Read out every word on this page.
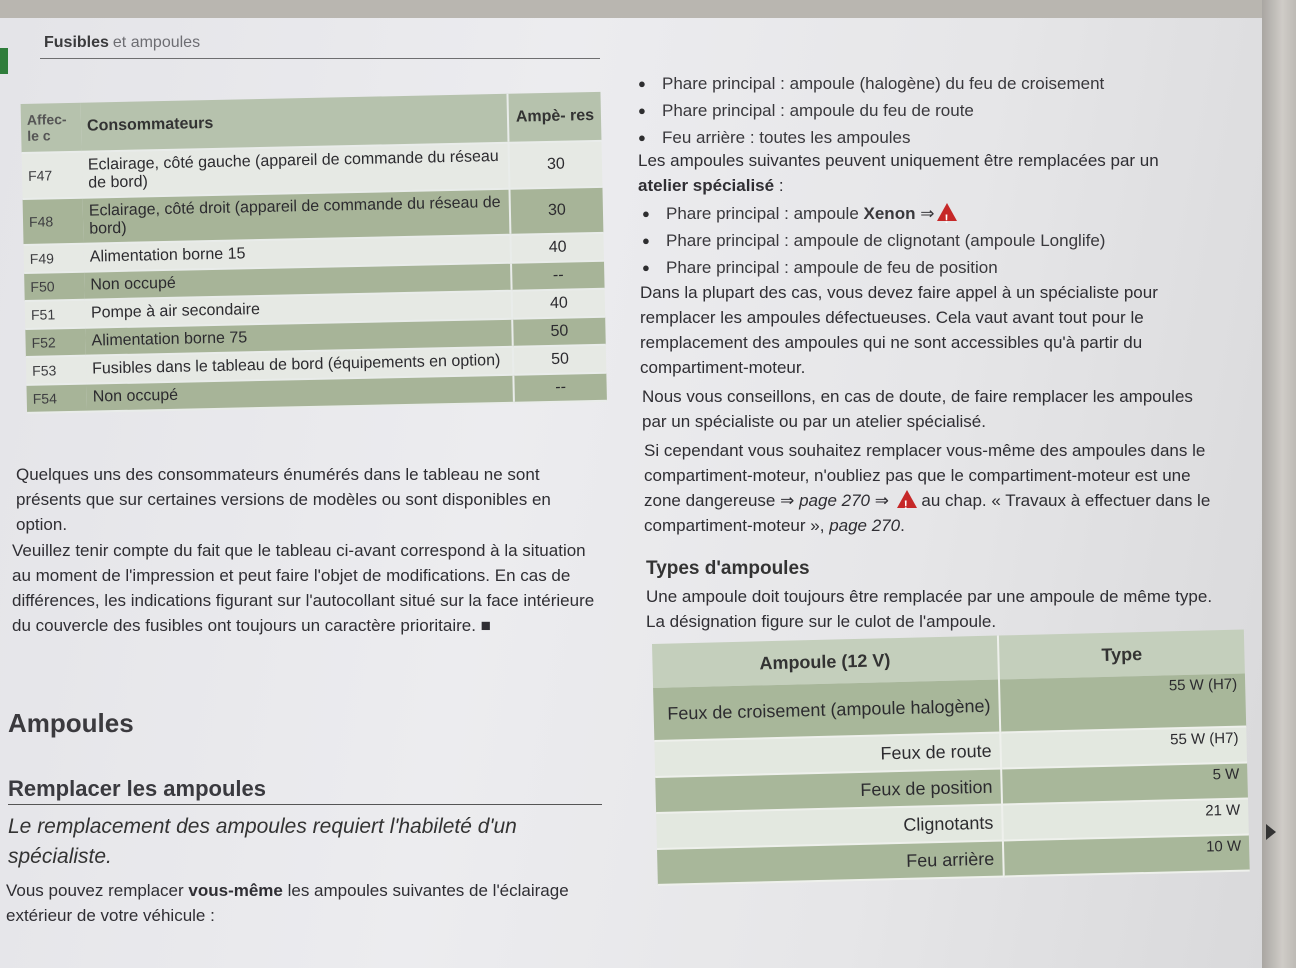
Fusibles et ampoules
Affec- le c	Consommateurs	Ampè- res
F47	Eclairage, côté gauche (appareil de commande du réseau de bord)	30
F48	Eclairage, côté droit (appareil de commande du réseau de bord)	30
F49	Alimentation borne 15	40
F50	Non occupé	--
F51	Pompe à air secondaire	40
F52	Alimentation borne 75	50
F53	Fusibles dans le tableau de bord (équipements en option)	50
F54	Non occupé	--
Quelques uns des consommateurs énumérés dans le tableau ne sont présents que sur certaines versions de modèles ou sont disponibles en option.
Veuillez tenir compte du fait que le tableau ci-avant correspond à la situation au moment de l'impression et peut faire l'objet de modifications. En cas de différences, les indications figurant sur l'autocollant situé sur la face intérieure du couvercle des fusibles ont toujours un caractère prioritaire. ■
Ampoules
Remplacer les ampoules
Le remplacement des ampoules requiert l'habileté d'un spécialiste.
Vous pouvez remplacer vous-même les ampoules suivantes de l'éclairage extérieur de votre véhicule :
● Phare principal : ampoule (halogène) du feu de croisement
● Phare principal : ampoule du feu de route
● Feu arrière : toutes les ampoules
Les ampoules suivantes peuvent uniquement être remplacées par un atelier spécialisé :
● Phare principal : ampoule Xenon ⇒!
● Phare principal : ampoule de clignotant (ampoule Longlife)
● Phare principal : ampoule de feu de position
Dans la plupart des cas, vous devez faire appel à un spécialiste pour remplacer les ampoules défectueuses. Cela vaut avant tout pour le remplacement des ampoules qui ne sont accessibles qu'à partir du compartiment-moteur.
Nous vous conseillons, en cas de doute, de faire remplacer les ampoules par un spécialiste ou par un atelier spécialisé.
Si cependant vous souhaitez remplacer vous-même des ampoules dans le compartiment-moteur, n'oubliez pas que le compartiment-moteur est une zone dangereuse ⇒ page 270 ⇒ ! au chap. « Travaux à effectuer dans le compartiment-moteur », page 270.
Types d'ampoules
Une ampoule doit toujours être remplacée par une ampoule de même type. La désignation figure sur le culot de l'ampoule.
Ampoule (12 V)	Type
Feux de croisement (ampoule halogène)	55 W (H7)
Feux de route	55 W (H7)
Feux de position	5 W
Clignotants	21 W
Feu arrière	10 W
